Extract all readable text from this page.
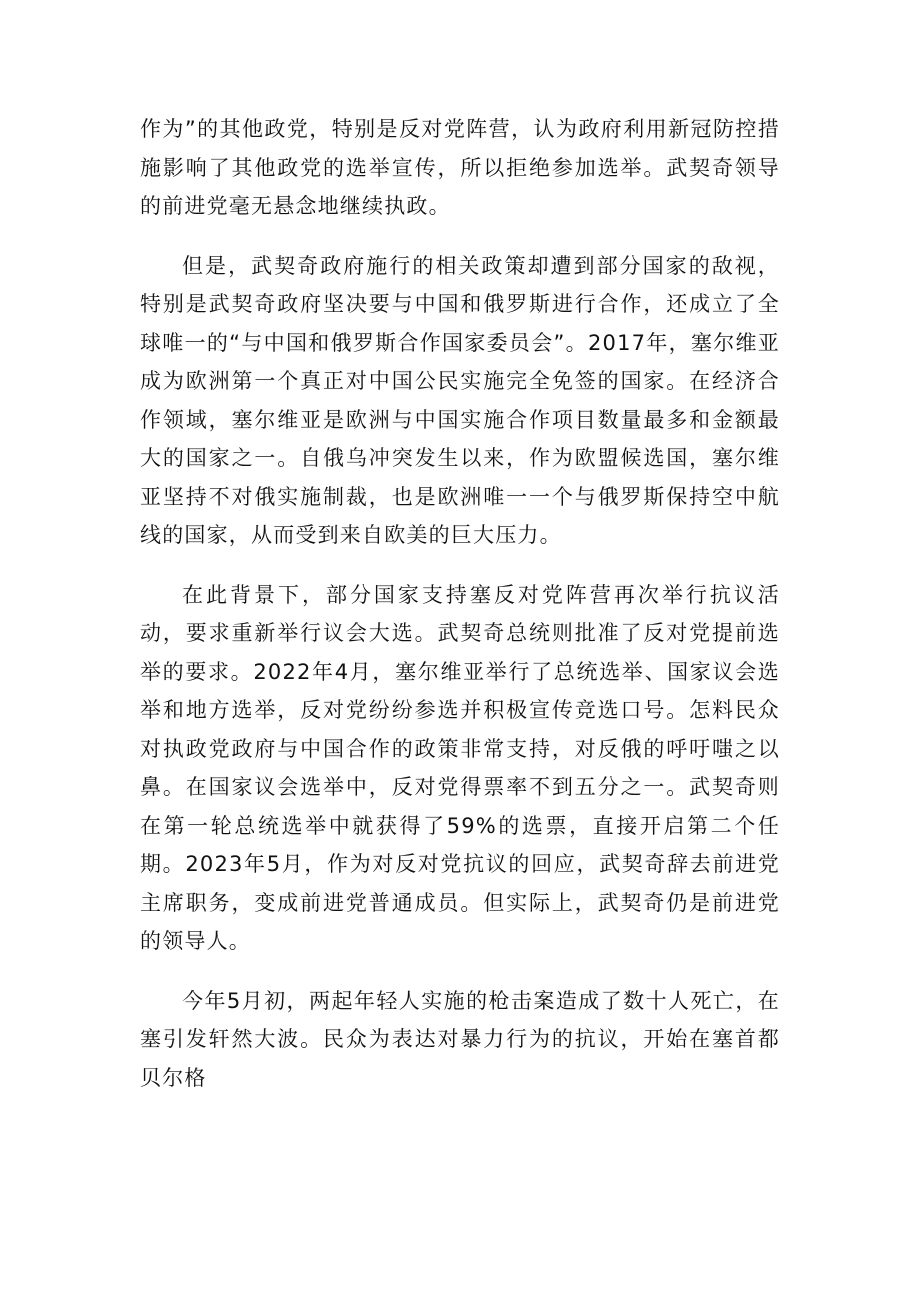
作为”的其他政党，特别是反对党阵营，认为政府利用新冠防控措施影响了其他政党的选举宣传，所以拒绝参加选举。武契奇领导的前进党毫无悬念地继续执政。

但是，武契奇政府施行的相关政策却遭到部分国家的敌视，特别是武契奇政府坚决要与中国和俄罗斯进行合作，还成立了全球唯一的“与中国和俄罗斯合作国家委员会”。2017年，塞尔维亚成为欧洲第一个真正对中国公民实施完全免签的国家。在经济合作领域，塞尔维亚是欧洲与中国实施合作项目数量最多和金额最大的国家之一。自俄乌冲突发生以来，作为欧盟候选国，塞尔维亚坚持不对俄实施制裁，也是欧洲唯一一个与俄罗斯保持空中航线的国家，从而受到来自欧美的巨大压力。

在此背景下，部分国家支持塞反对党阵营再次举行抗议活动，要求重新举行议会大选。武契奇总统则批准了反对党提前选举的要求。2022年4月，塞尔维亚举行了总统选举、国家议会选举和地方选举，反对党纷纷参选并积极宣传竞选口号。怎料民众对执政党政府与中国合作的政策非常支持，对反俄的呼吁嗤之以鼻。在国家议会选举中，反对党得票率不到五分之一。武契奇则在第一轮总统选举中就获得了59%的选票，直接开启第二个任期。2023年5月，作为对反对党抗议的回应，武契奇辞去前进党主席职务，变成前进党普通成员。但实际上，武契奇仍是前进党的领导人。

今年5月初，两起年轻人实施的枪击案造成了数十人死亡，在塞引发轩然大波。民众为表达对暴力行为的抗议，开始在塞首都贝尔格
